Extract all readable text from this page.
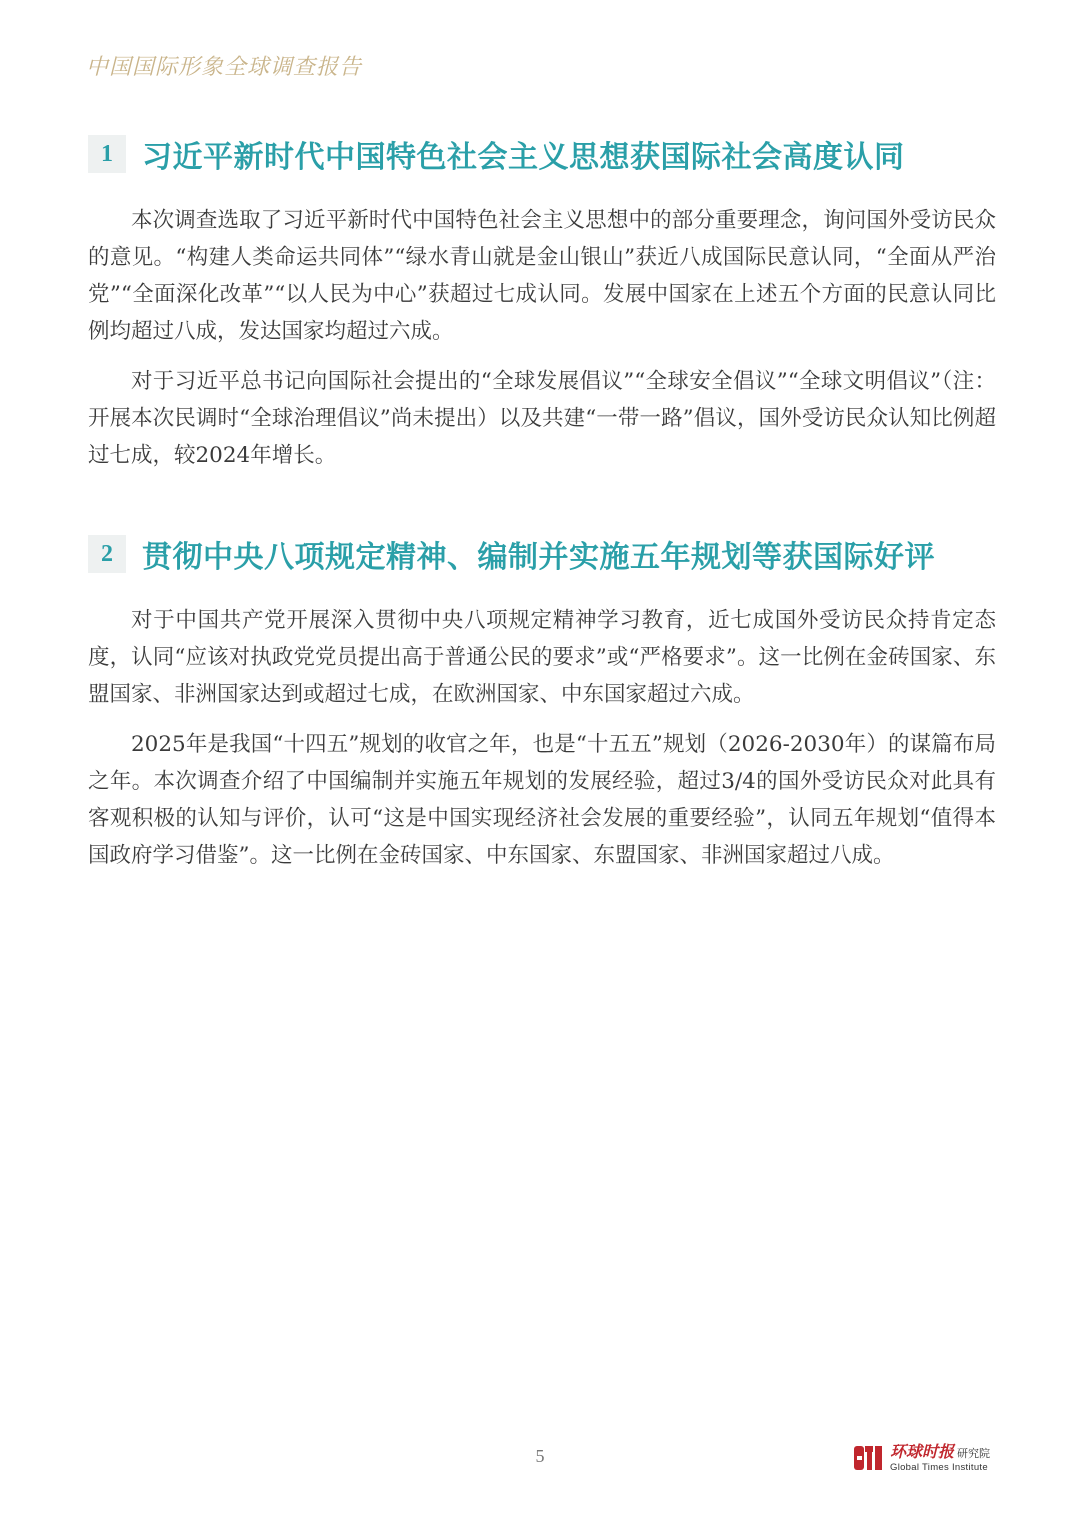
中国国际形象全球调查报告
1 习近平新时代中国特色社会主义思想获国际社会高度认同

本次调查选取了习近平新时代中国特色社会主义思想中的部分重要理念，询问国外受访民众的意见。“构建人类命运共同体”“绿水青山就是金山银山”获近八成国际民意认同，“全面从严治党”“全面深化改革”“以人民为中心”获超过七成认同。发展中国家在上述五个方面的民意认同比例均超过八成，发达国家均超过六成。

对于习近平总书记向国际社会提出的“全球发展倡议”“全球安全倡议”“全球文明倡议”（注：开展本次民调时“全球治理倡议”尚未提出）以及共建“一带一路”倡议，国外受访民众认知比例超过七成，较2024年增长。

2 贯彻中央八项规定精神、编制并实施五年规划等获国际好评

对于中国共产党开展深入贯彻中央八项规定精神学习教育，近七成国外受访民众持肯定态度，认同“应该对执政党党员提出高于普通公民的要求”或“严格要求”。这一比例在金砖国家、东盟国家、非洲国家达到或超过七成，在欧洲国家、中东国家超过六成。

2025年是我国“十四五”规划的收官之年，也是“十五五”规划（2026-2030年）的谋篇布局之年。本次调查介绍了中国编制并实施五年规划的发展经验，超过3/4的国外受访民众对此具有客观积极的认知与评价，认可“这是中国实现经济社会发展的重要经验”，认同五年规划“值得本国政府学习借鉴”。这一比例在金砖国家、中东国家、东盟国家、非洲国家超过八成。

5	环球时报 研究院
Global Times Institute
